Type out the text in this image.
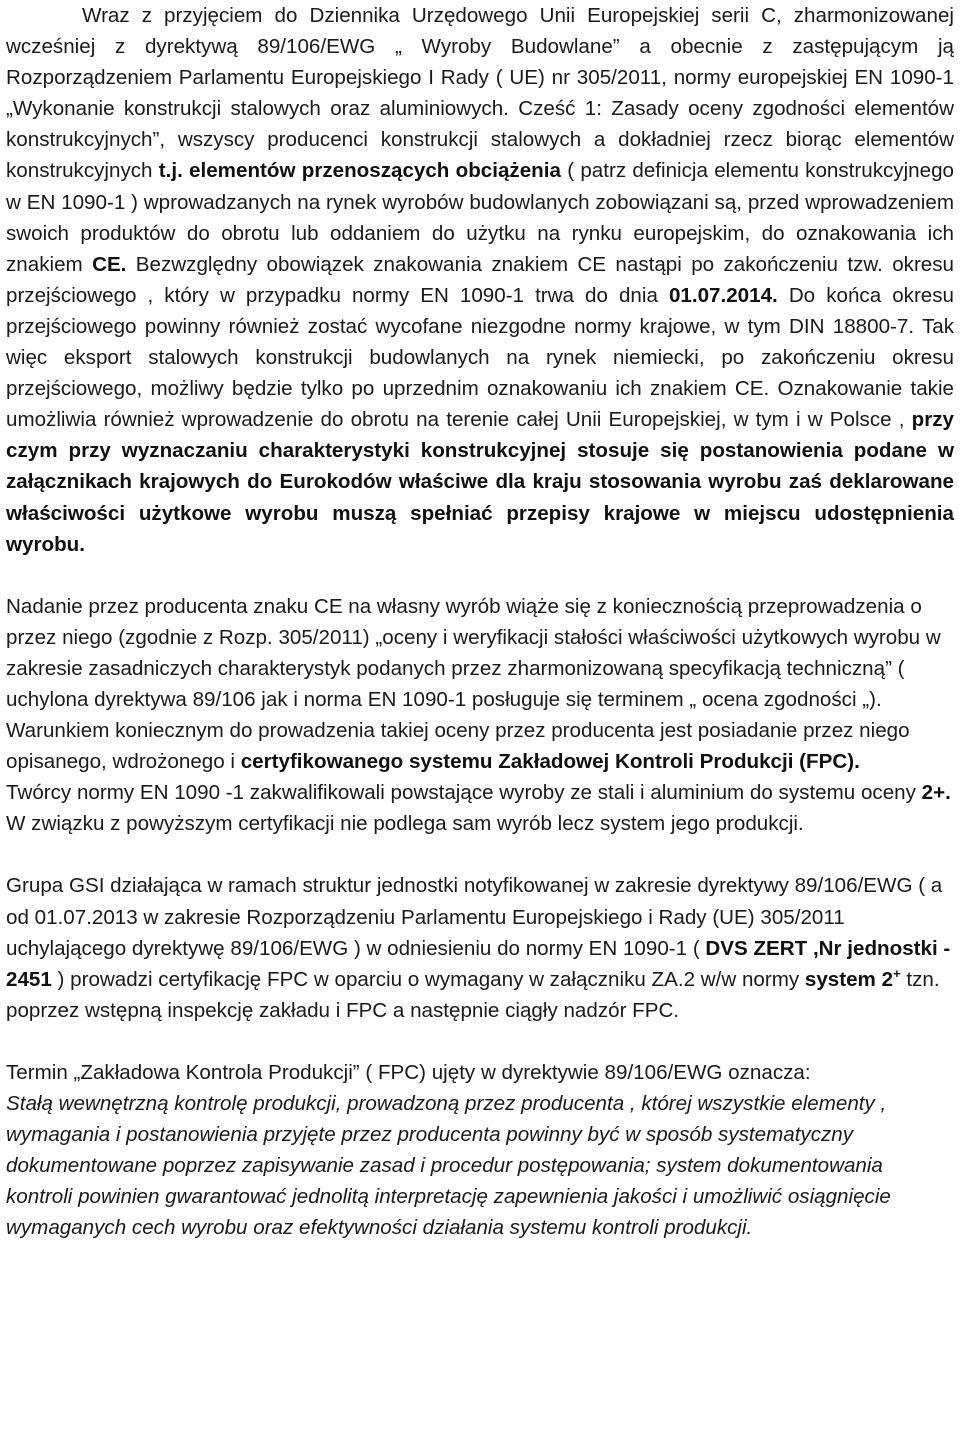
Wraz z przyjęciem do Dziennika Urzędowego Unii Europejskiej serii C, zharmonizowanej wcześniej z dyrektywą 89/106/EWG „ Wyroby Budowlane” a obecnie z zastępującym ją Rozporządzeniem Parlamentu Europejskiego I Rady ( UE) nr 305/2011, normy europejskiej EN 1090-1 „Wykonanie konstrukcji stalowych oraz aluminiowych. Cześć 1: Zasady oceny zgodności elementów konstrukcyjnych”, wszyscy producenci konstrukcji stalowych a dokładniej rzecz biorąc elementów konstrukcyjnych t.j. elementów przenoszących obciążenia ( patrz definicja elementu konstrukcyjnego w EN 1090-1 ) wprowadzanych na rynek wyrobów budowlanych zobowiązani są, przed wprowadzeniem swoich produktów do obrotu lub oddaniem do użytku na rynku europejskim, do oznakowania ich znakiem CE. Bezwzględny obowiązek znakowania znakiem CE nastąpi po zakończeniu tzw. okresu przejściowego , który w przypadku normy EN 1090-1 trwa do dnia 01.07.2014. Do końca okresu przejściowego powinny również zostać wycofane niezgodne normy krajowe, w tym DIN 18800-7. Tak więc eksport stalowych konstrukcji budowlanych na rynek niemiecki, po zakończeniu okresu przejściowego, możliwy będzie tylko po uprzednim oznakowaniu ich znakiem CE. Oznakowanie takie umożliwia również wprowadzenie do obrotu na terenie całej Unii Europejskiej, w tym i w Polsce , przy czym przy wyznaczaniu charakterystyki konstrukcyjnej stosuje się postanowienia podane w załącznikach krajowych do Eurokodów właściwe dla kraju stosowania wyrobu zaś deklarowane właściwości użytkowe wyrobu muszą spełniać przepisy krajowe w miejscu udostępnienia wyrobu.

Nadanie przez producenta znaku CE na własny wyrób wiąże się z koniecznością przeprowadzenia o przez niego (zgodnie z Rozp. 305/2011) „oceny i weryfikacji stałości właściwości użytkowych wyrobu w zakresie zasadniczych charakterystyk podanych przez zharmonizowaną specyfikacją techniczną” ( uchylona dyrektywa 89/106 jak i norma EN 1090-1 posługuje się terminem „ ocena zgodności „).

Warunkiem koniecznym do prowadzenia takiej oceny przez producenta jest posiadanie przez niego opisanego, wdrożonego i certyfikowanego systemu Zakładowej Kontroli Produkcji (FPC).

Twórcy normy EN 1090 -1 zakwalifikowali powstające wyroby ze stali i aluminium do systemu oceny 2+. W związku z powyższym certyfikacji nie podlega sam wyrób lecz system jego produkcji.

Grupa GSI działająca w ramach struktur jednostki notyfikowanej w zakresie dyrektywy 89/106/EWG ( a od 01.07.2013 w zakresie Rozporządzeniu Parlamentu Europejskiego i Rady (UE) 305/2011 uchylającego dyrektywę 89/106/EWG ) w odniesieniu do normy EN 1090-1 ( DVS ZERT ,Nr jednostki - 2451 ) prowadzi certyfikację FPC w oparciu o wymagany w załączniku ZA.2 w/w normy system 2+ tzn. poprzez wstępną inspekcję zakładu i FPC a następnie ciągły nadzór FPC.

Termin „Zakładowa Kontrola Produkcji” ( FPC) ujęty w dyrektywie 89/106/EWG oznacza:

Stałą wewnętrzną kontrolę produkcji, prowadzoną przez producenta , której wszystkie elementy , wymagania i postanowienia przyjęte przez producenta powinny być w sposób systematyczny dokumentowane poprzez zapisywanie zasad i procedur postępowania; system dokumentowania kontroli powinien gwarantować jednolitą interpretację zapewnienia jakości i umożliwić osiągnięcie wymaganych cech wyrobu oraz efektywności działania systemu kontroli produkcji.
